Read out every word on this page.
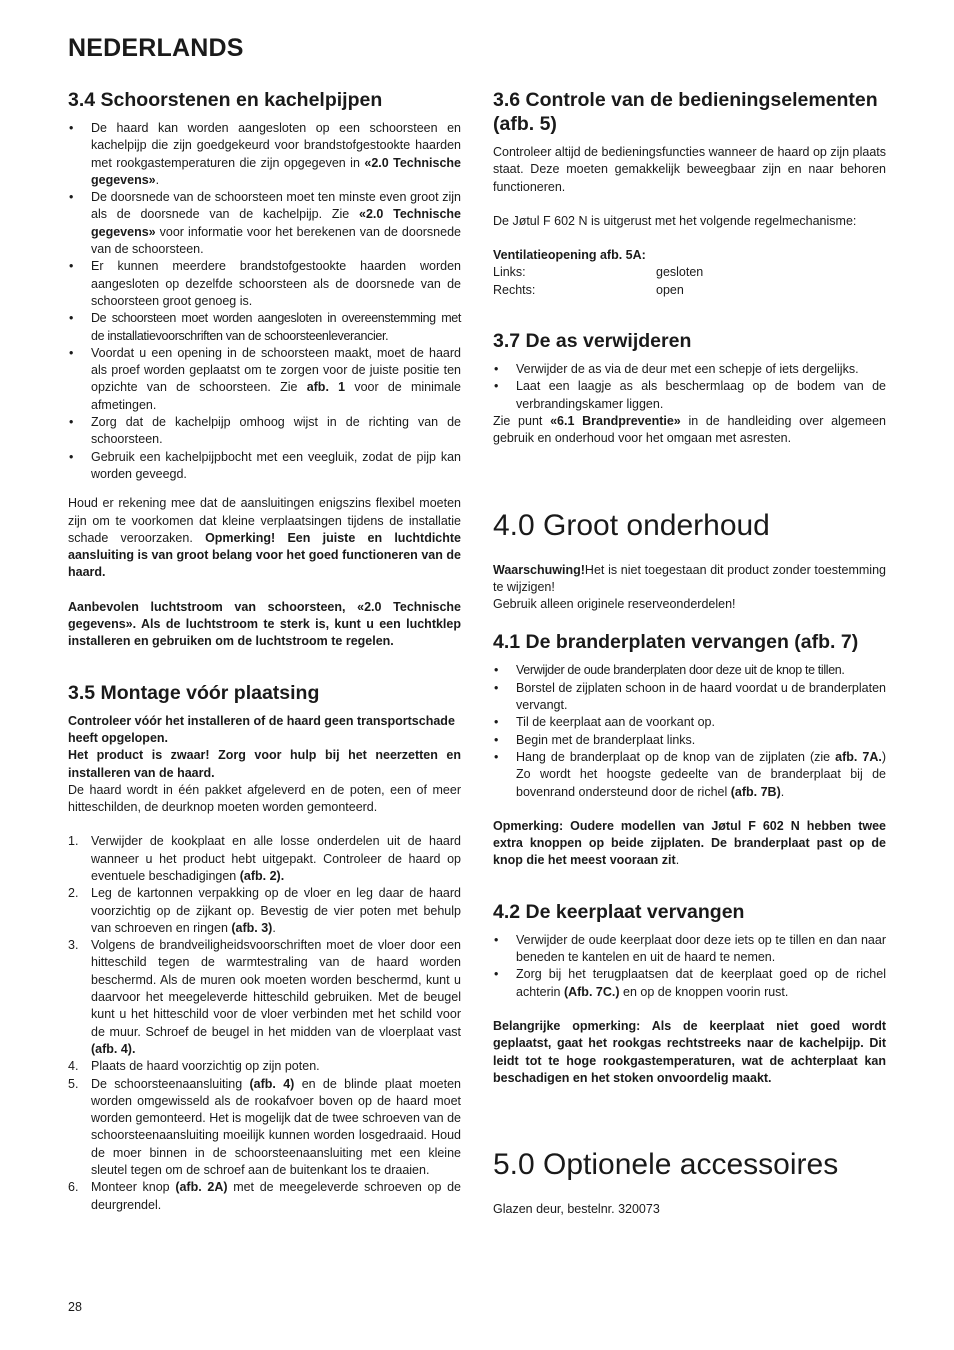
NEDERLANDS
3.4 Schoorstenen en kachelpijpen
• De haard kan worden aangesloten op een schoorsteen en kachelpijp die zijn goedgekeurd voor brandstofgestookte haarden met rookgastemperaturen die zijn opgegeven in «2.0 Technische gegevens».
• De doorsnede van de schoorsteen moet ten minste even groot zijn als de doorsnede van de kachelpijp. Zie «2.0 Technische gegevens» voor informatie voor het berekenen van de doorsnede van de schoorsteen.
• Er kunnen meerdere brandstofgestookte haarden worden aangesloten op dezelfde schoorsteen als de doorsnede van de schoorsteen groot genoeg is.
• De schoorsteen moet worden aangesloten in overeenstemming met de installatievoorschriften van de schoorsteenleverancier.
• Voordat u een opening in de schoorsteen maakt, moet de haard als proef worden geplaatst om te zorgen voor de juiste positie ten opzichte van de schoorsteen. Zie afb. 1 voor de minimale afmetingen.
• Zorg dat de kachelpijp omhoog wijst in de richting van de schoorsteen.
• Gebruik een kachelpijpbocht met een veegluik, zodat de pijp kan worden geveegd.

Houd er rekening mee dat de aansluitingen enigszins flexibel moeten zijn om te voorkomen dat kleine verplaatsingen tijdens de installatie schade veroorzaken. Opmerking! Een juiste en luchtdichte aansluiting is van groot belang voor het goed functioneren van de haard.

Aanbevolen luchtstroom van schoorsteen, «2.0 Technische gegevens». Als de luchtstroom te sterk is, kunt u een luchtklep installeren en gebruiken om de luchtstroom te regelen.

3.5 Montage vóór plaatsing

Controleer vóór het installeren of de haard geen transportschade heeft opgelopen.

Het product is zwaar! Zorg voor hulp bij het neerzetten en installeren van de haard.

De haard wordt in één pakket afgeleverd en de poten, een of meer hitteschilden, de deurknop moeten worden gemonteerd.

1. Verwijder de kookplaat en alle losse onderdelen uit de haard wanneer u het product hebt uitgepakt. Controleer de haard op eventuele beschadigingen (afb. 2).
2. Leg de kartonnen verpakking op de vloer en leg daar de haard voorzichtig op de zijkant op. Bevestig de vier poten met behulp van schroeven en ringen (afb. 3).
3. Volgens de brandveiligheidsvoorschriften moet de vloer door een hitteschild tegen de warmtestraling van de haard worden beschermd. Als de muren ook moeten worden beschermd, kunt u daarvoor het meegeleverde hitteschild gebruiken. Met de beugel kunt u het hitteschild voor de vloer verbinden met het schild voor de muur. Schroef de beugel in het midden van de vloerplaat vast (afb. 4).
4. Plaats de haard voorzichtig op zijn poten.
5. De schoorsteenaansluiting (afb. 4) en de blinde plaat moeten worden omgewisseld als de rookafvoer boven op de haard moet worden gemonteerd. Het is mogelijk dat de twee schroeven van de schoorsteenaansluiting moeilijk kunnen worden losgedraaid. Houd de moer binnen in de schoorsteenaansluiting met een kleine sleutel tegen om de schroef aan de buitenkant los te draaien.
6. Monteer knop (afb. 2A) met de meegeleverde schroeven op de deurgrendel.
3.6 Controle van de bedieningselementen (afb. 5)

Controleer altijd de bedieningsfuncties wanneer de haard op zijn plaats staat. Deze moeten gemakkelijk beweegbaar zijn en naar behoren functioneren.

De Jøtul F 602 N is uitgerust met het volgende regelmechanisme:

Ventilatieopening afb. 5A:

Links:	gesloten
Rechts:	open
3.7 De as verwijderen
• Verwijder de as via de deur met een schepje of iets dergelijks.
• Laat een laagje as als beschermlaag op de bodem van de verbrandingskamer liggen.

Zie punt «6.1 Brandpreventie» in de handleiding over algemeen gebruik en onderhoud voor het omgaan met asresten.

4.0 Groot onderhoud

Waarschuwing!Het is niet toegestaan dit product zonder toestemming te wijzigen!

Gebruik alleen originele reserveonderdelen!

4.1 De branderplaten vervangen (afb. 7)
• Verwijder de oude branderplaten door deze uit de knop te tillen.
• Borstel de zijplaten schoon in de haard voordat u de branderplaten vervangt.
• Til de keerplaat aan de voorkant op.
• Begin met de branderplaat links.
• Hang de branderplaat op de knop van de zijplaten (zie afb. 7A.) Zo wordt het hoogste gedeelte van de branderplaat bij de bovenrand ondersteund door de richel (afb. 7B).

Opmerking: Oudere modellen van Jøtul F 602 N hebben twee extra knoppen op beide zijplaten. De branderplaat past op de knop die het meest vooraan zit.

4.2 De keerplaat vervangen
• Verwijder de oude keerplaat door deze iets op te tillen en dan naar beneden te kantelen en uit de haard te nemen.
• Zorg bij het terugplaatsen dat de keerplaat goed op de richel achterin (Afb. 7C.) en op de knoppen voorin rust.

Belangrijke opmerking: Als de keerplaat niet goed wordt geplaatst, gaat het rookgas rechtstreeks naar de kachelpijp. Dit leidt tot te hoge rookgastemperaturen, wat de achterplaat kan beschadigen en het stoken onvoordelig maakt.

5.0 Optionele accessoires

Glazen deur, bestelnr. 320073

28
